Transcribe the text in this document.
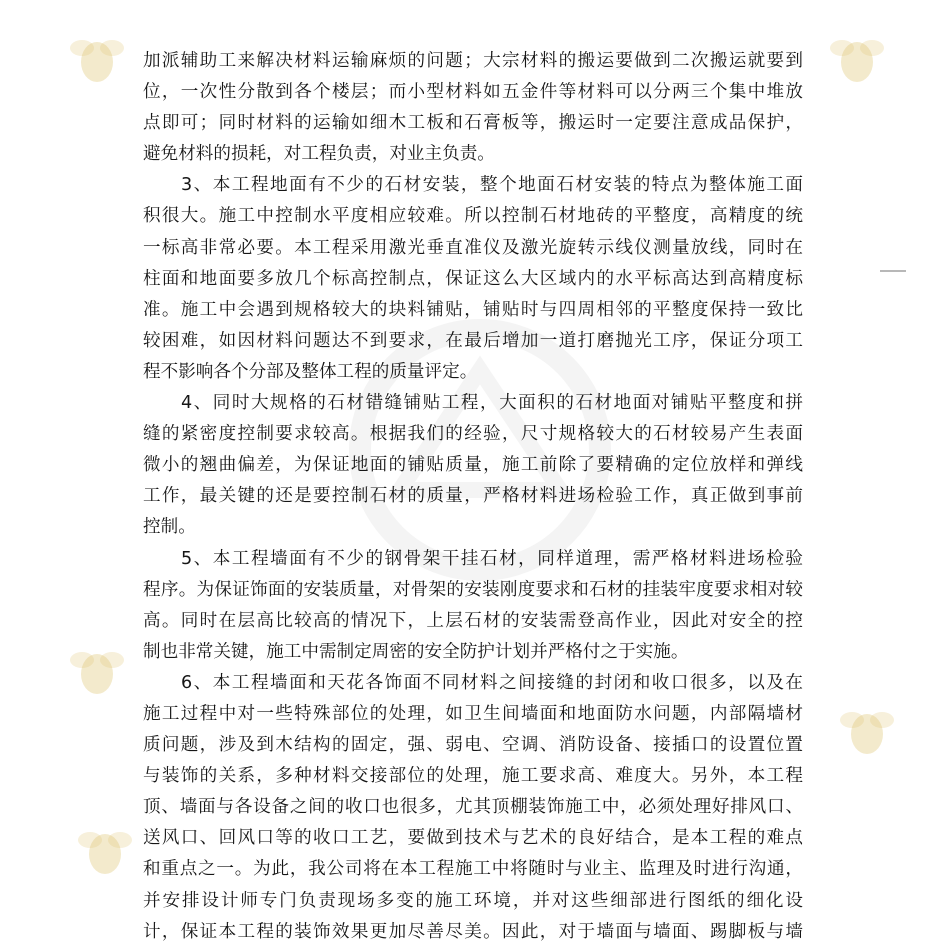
加派辅助工来解决材料运输麻烦的问题；大宗材料的搬运要做到二次搬运就要到
位，一次性分散到各个楼层；而小型材料如五金件等材料可以分两三个集中堆放
点即可；同时材料的运输如细木工板和石膏板等，搬运时一定要注意成品保护，
避免材料的损耗，对工程负责，对业主负责。
3、本工程地面有不少的石材安装，整个地面石材安装的特点为整体施工面
积很大。施工中控制水平度相应较难。所以控制石材地砖的平整度，高精度的统
一标高非常必要。本工程采用激光垂直准仪及激光旋转示线仪测量放线，同时在
柱面和地面要多放几个标高控制点，保证这么大区域内的水平标高达到高精度标
准。施工中会遇到规格较大的块料铺贴，铺贴时与四周相邻的平整度保持一致比
较困难，如因材料问题达不到要求，在最后增加一道打磨抛光工序，保证分项工
程不影响各个分部及整体工程的质量评定。
4、同时大规格的石材错缝铺贴工程，大面积的石材地面对铺贴平整度和拼
缝的紧密度控制要求较高。根据我们的经验，尺寸规格较大的石材较易产生表面
微小的翘曲偏差，为保证地面的铺贴质量，施工前除了要精确的定位放样和弹线
工作，最关键的还是要控制石材的质量，严格材料进场检验工作，真正做到事前
控制。
5、本工程墙面有不少的钢骨架干挂石材，同样道理，需严格材料进场检验
程序。为保证饰面的安装质量，对骨架的安装刚度要求和石材的挂装牢度要求相对较
高。同时在层高比较高的情况下，上层石材的安装需登高作业，因此对安全的控
制也非常关键，施工中需制定周密的安全防护计划并严格付之于实施。
6、本工程墙面和天花各饰面不同材料之间接缝的封闭和收口很多，以及在
施工过程中对一些特殊部位的处理，如卫生间墙面和地面防水问题，内部隔墙材
质问题，涉及到木结构的固定，强、弱电、空调、消防设备、接插口的设置位置
与装饰的关系，多种材料交接部位的处理，施工要求高、难度大。另外，本工程
顶、墙面与各设备之间的收口也很多，尤其顶棚装饰施工中，必须处理好排风口、
送风口、回风口等的收口工艺，要做到技术与艺术的良好结合，是本工程的难点
和重点之一。为此，我公司将在本工程施工中将随时与业主、监理及时进行沟通，
并安排设计师专门负责现场多变的施工环境，并对这些细部进行图纸的细化设
计，保证本工程的装饰效果更加尽善尽美。因此，对于墙面与墙面、踢脚板与墙
